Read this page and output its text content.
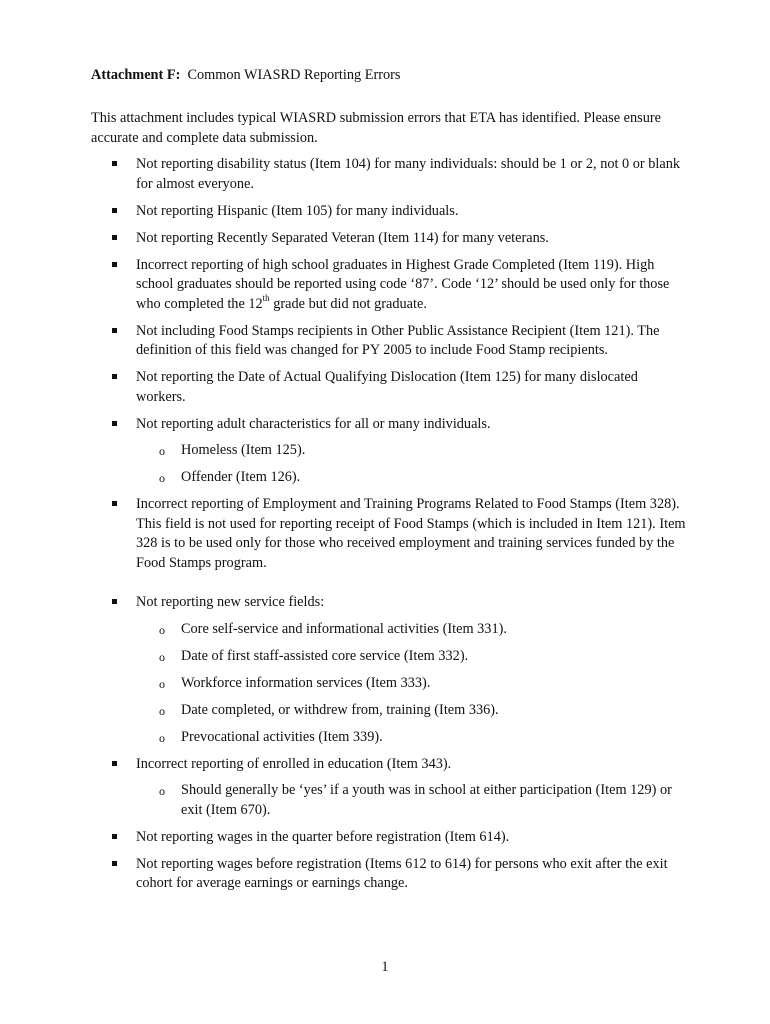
Attachment F: Common WIASRD Reporting Errors

This attachment includes typical WIASRD submission errors that ETA has identified. Please ensure accurate and complete data submission.

Not reporting disability status (Item 104) for many individuals: should be 1 or 2, not 0 or blank for almost everyone.
Not reporting Hispanic (Item 105) for many individuals.
Not reporting Recently Separated Veteran (Item 114) for many veterans.
Incorrect reporting of high school graduates in Highest Grade Completed (Item 119). High school graduates should be reported using code ‘87’. Code ‘12’ should be used only for those who completed the 12th grade but did not graduate.
Not including Food Stamps recipients in Other Public Assistance Recipient (Item 121). The definition of this field was changed for PY 2005 to include Food Stamp recipients.
Not reporting the Date of Actual Qualifying Dislocation (Item 125) for many dislocated workers.
Not reporting adult characteristics for all or many individuals.
o Homeless (Item 125).
o Offender (Item 126).
Incorrect reporting of Employment and Training Programs Related to Food Stamps (Item 328). This field is not used for reporting receipt of Food Stamps (which is included in Item 121). Item 328 is to be used only for those who received employment and training services funded by the Food Stamps program.
Not reporting new service fields:
o Core self-service and informational activities (Item 331).
o Date of first staff-assisted core service (Item 332).
o Workforce information services (Item 333).
o Date completed, or withdrew from, training (Item 336).
o Prevocational activities (Item 339).
Incorrect reporting of enrolled in education (Item 343).
o Should generally be ‘yes’ if a youth was in school at either participation (Item 129) or exit (Item 670).
Not reporting wages in the quarter before registration (Item 614).
Not reporting wages before registration (Items 612 to 614) for persons who exit after the exit cohort for average earnings or earnings change.
1
